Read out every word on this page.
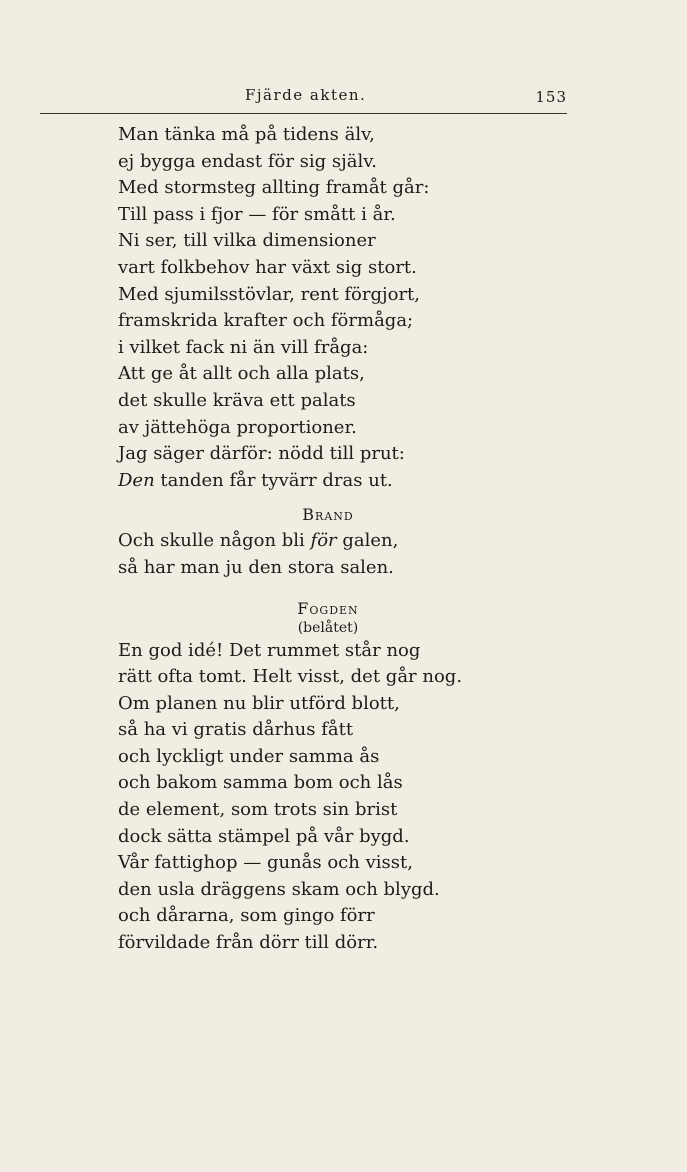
Fjärde akten.	153
Man tänka må på tidens älv,
ej bygga endast för sig själv.
Med stormsteg allting framåt går:
Till pass i fjor — för smått i år.
Ni ser, till vilka dimensioner
vart folkbehov har växt sig stort.
Med sjumilsstövlar, rent förgjort,
framskrida krafter och förmåga;
i vilket fack ni än vill fråga:
Att ge åt allt och alla plats,
det skulle kräva ett palats
av jättehöga proportioner.
Jag säger därför: nödd till prut:
Den tanden får tyvärr dras ut.
Brand
Och skulle någon bli för galen,
så har man ju den stora salen.
Fogden
(belåtet)
En god idé! Det rummet står nog
rätt ofta tomt. Helt visst, det går nog.
Om planen nu blir utförd blott,
så ha vi gratis dårhus fått
och lyckligt under samma ås
och bakom samma bom och lås
de element, som trots sin brist
dock sätta stämpel på vår bygd.
Vår fattighop — gunås och visst,
den usla dräggens skam och blygd.
och dårarna, som gingo förr
förvildade från dörr till dörr.
